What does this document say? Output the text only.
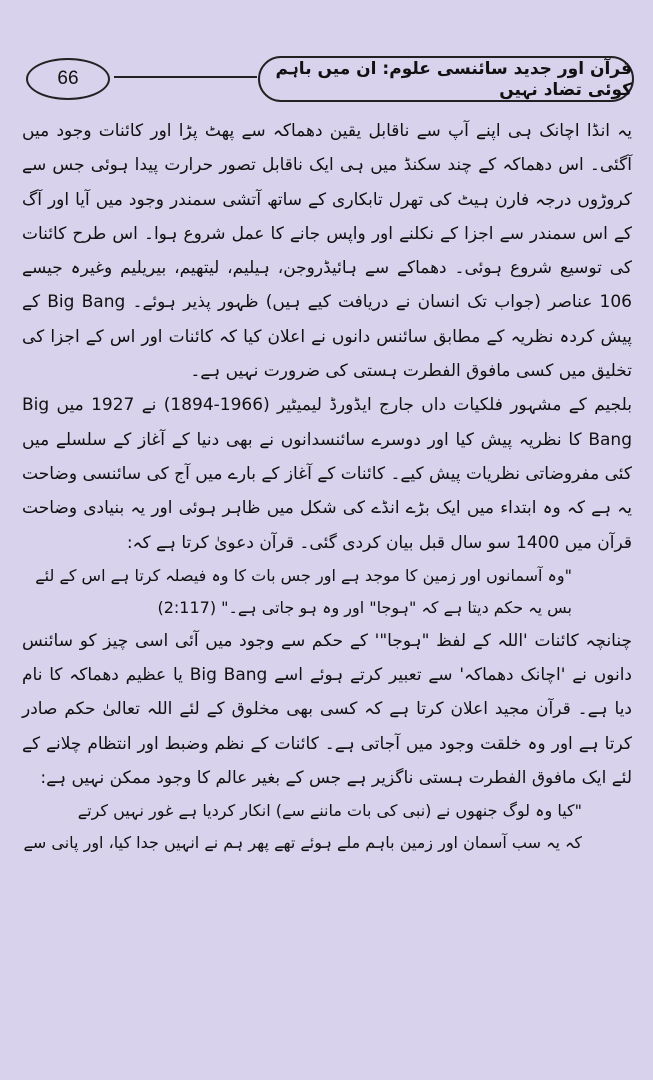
66	قرآن اور جدید سائنسی علوم: ان میں باہم کوئی تضاد نہیں

یہ انڈا اچانک ہی اپنے آپ سے ناقابل یقین دھماکہ سے پھٹ پڑا اور کائنات وجود میں آگئی۔ اس دھماکہ کے چند سکنڈ میں ہی ایک ناقابل تصور حرارت پیدا ہوئی جس سے کروڑوں درجہ فارن ہیٹ کی تھرل تابکاری کے ساتھ آتشی سمندر وجود میں آیا اور آگ کے اس سمندر سے اجزا کے نکلنے اور واپس جانے کا عمل شروع ہوا۔ اس طرح کائنات کی توسیع شروع ہوئی۔ دھماکے سے ہائیڈروجن، ہیلیم، لیتھیم، بیریلیم وغیرہ جیسے 106 عناصر (جواب تک انسان نے دریافت کیے ہیں) ظہور پذیر ہوئے۔ Big Bang کے پیش کردہ نظریہ کے مطابق سائنس دانوں نے اعلان کیا کہ کائنات اور اس کے اجزا کی تخلیق میں کسی مافوق الفطرت ہستی کی ضرورت نہیں ہے۔

بلجیم کے مشہور فلکیات داں جارج ایڈورڈ لیمیٹیر (1966-1894) نے 1927 میں Big Bang کا نظریہ پیش کیا اور دوسرے سائنسدانوں نے بھی دنیا کے آغاز کے سلسلے میں کئی مفروضاتی نظریات پیش کیے۔ کائنات کے آغاز کے بارے میں آج کی سائنسی وضاحت یہ ہے کہ وہ ابتداء میں ایک بڑے انڈے کی شکل میں ظاہر ہوئی اور یہ بنیادی وضاحت قرآن میں 1400 سو سال قبل بیان کردی گئی۔ قرآن دعویٰ کرتا ہے کہ:

"وہ آسمانوں اور زمین کا موجد ہے اور جس بات کا وہ فیصلہ کرتا ہے اس کے لئے
بس یہ حکم دیتا ہے کہ "ہوجا" اور وہ ہو جاتی ہے۔" (2:117)

چنانچہ کائنات 'اللہ کے لفظ "ہوجا"' کے حکم سے وجود میں آئی اسی چیز کو سائنس دانوں نے 'اچانک دھماکہ' سے تعبیر کرتے ہوئے اسے Big Bang یا عظیم دھماکہ کا نام دیا ہے۔ قرآن مجید اعلان کرتا ہے کہ کسی بھی مخلوق کے لئے اللہ تعالیٰ حکم صادر کرتا ہے اور وہ خلقت وجود میں آجاتی ہے۔ کائنات کے نظم وضبط اور انتظام چلانے کے لئے ایک مافوق الفطرت ہستی ناگزیر ہے جس کے بغیر عالم کا وجود ممکن نہیں ہے:

"کیا وہ لوگ جنھوں نے (نبی کی بات ماننے سے) انکار کردیا ہے غور نہیں کرتے
کہ یہ سب آسمان اور زمین باہم ملے ہوئے تھے پھر ہم نے انہیں جدا کیا، اور پانی سے
